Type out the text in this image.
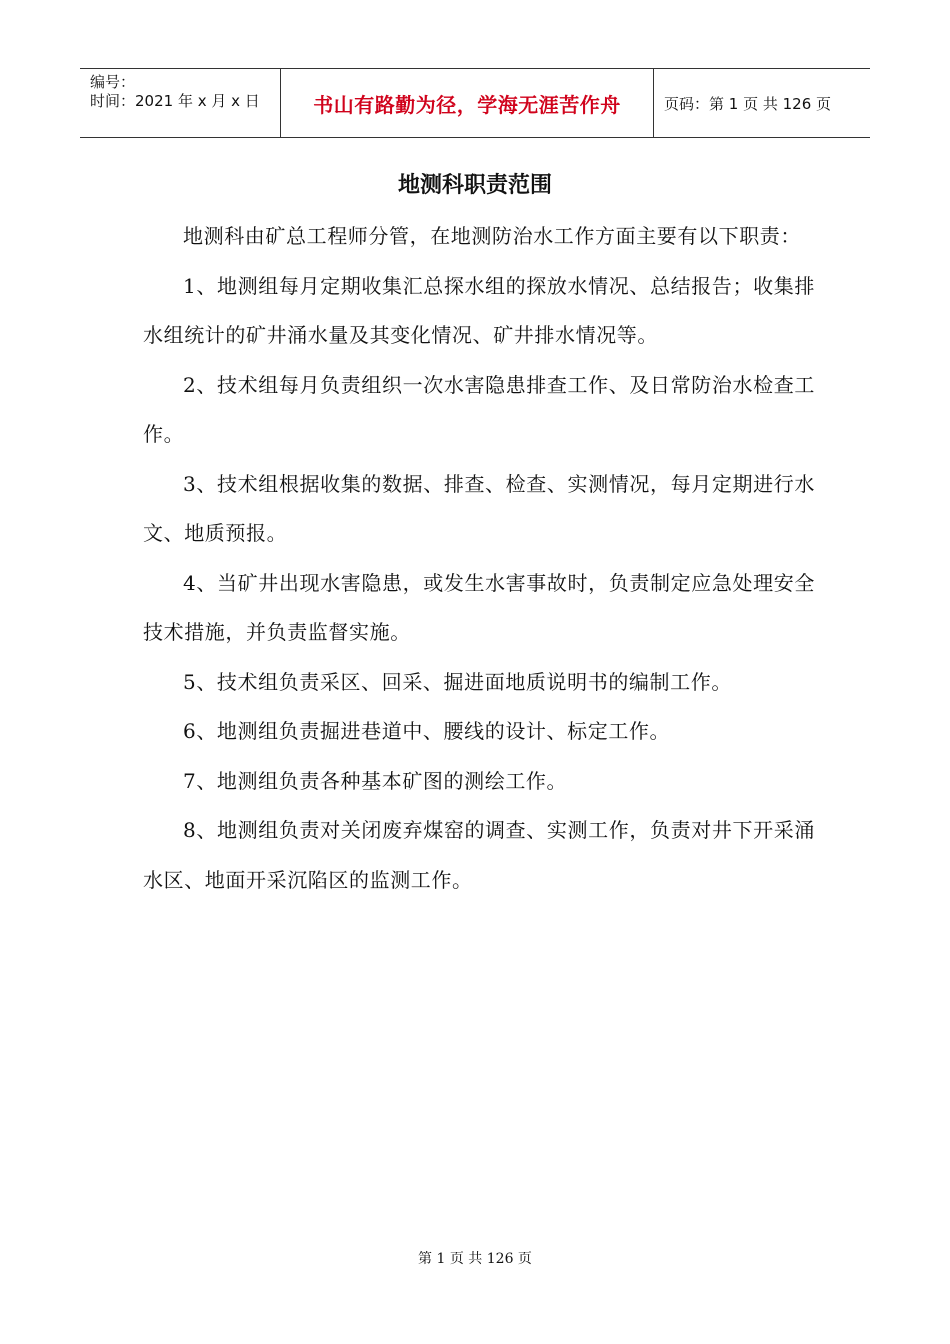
编号：
时间：2021 年 x 月 x 日	书山有路勤为径，学海无涯苦作舟	页码：第 1 页 共 126 页
地测科职责范围

地测科由矿总工程师分管，在地测防治水工作方面主要有以下职责：

1、地测组每月定期收集汇总探水组的探放水情况、总结报告；收集排水组统计的矿井涌水量及其变化情况、矿井排水情况等。

2、技术组每月负责组织一次水害隐患排查工作、及日常防治水检查工作。

3、技术组根据收集的数据、排查、检查、实测情况，每月定期进行水文、地质预报。

4、当矿井出现水害隐患，或发生水害事故时，负责制定应急处理安全技术措施，并负责监督实施。

5、技术组负责采区、回采、掘进面地质说明书的编制工作。

6、地测组负责掘进巷道中、腰线的设计、标定工作。

7、地测组负责各种基本矿图的测绘工作。

8、地测组负责对关闭废弃煤窑的调查、实测工作，负责对井下开采涌水区、地面开采沉陷区的监测工作。

第 1 页 共 126 页
